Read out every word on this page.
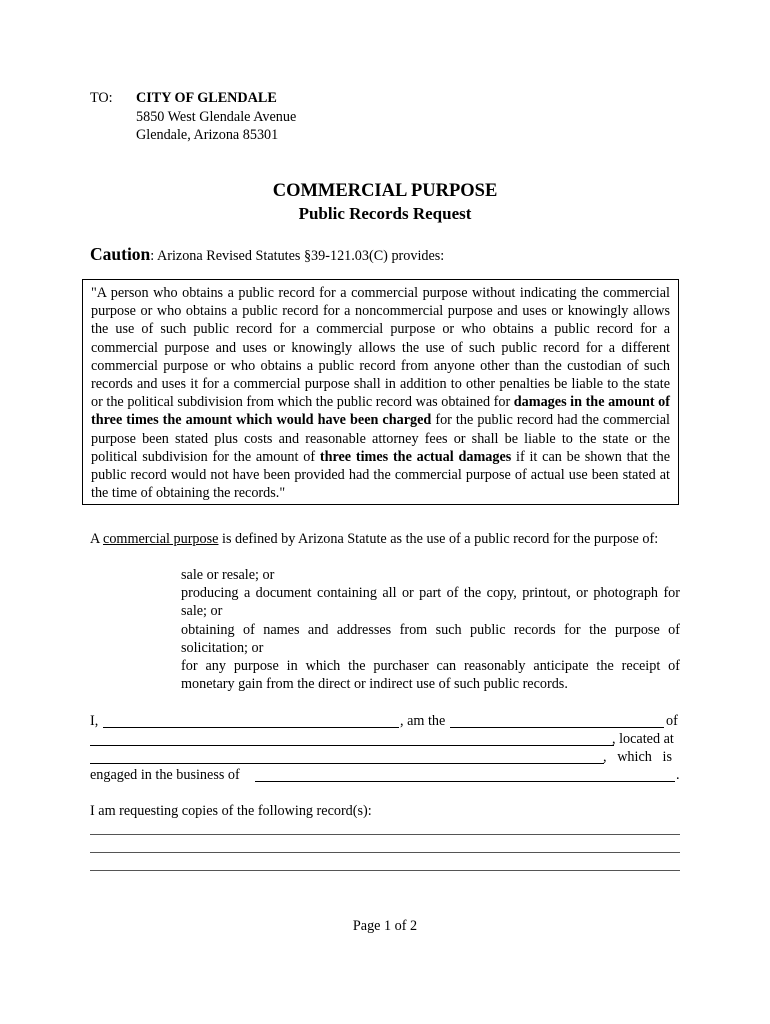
TO: CITY OF GLENDALE
5850 West Glendale Avenue
Glendale, Arizona 85301
COMMERCIAL PURPOSE
Public Records Request
Caution: Arizona Revised Statutes §39-121.03(C) provides:
"A person who obtains a public record for a commercial purpose without indicating the commercial purpose or who obtains a public record for a noncommercial purpose and uses or knowingly allows the use of such public record for a commercial purpose or who obtains a public record for a commercial purpose and uses or knowingly allows the use of such public record for a different commercial purpose or who obtains a public record from anyone other than the custodian of such records and uses it for a commercial purpose shall in addition to other penalties be liable to the state or the political subdivision from which the public record was obtained for damages in the amount of three times the amount which would have been charged for the public record had the commercial purpose been stated plus costs and reasonable attorney fees or shall be liable to the state or the political subdivision for the amount of three times the actual damages if it can be shown that the public record would not have been provided had the commercial purpose of actual use been stated at the time of obtaining the records."
A commercial purpose is defined by Arizona Statute as the use of a public record for the purpose of:
sale or resale; or
producing a document containing all or part of the copy, printout, or photograph for sale; or
obtaining of names and addresses from such public records for the purpose of solicitation; or
for any purpose in which the purchaser can reasonably anticipate the receipt of monetary gain from the direct or indirect use of such public records.
I,	, am the	of
, located at
,   which   is
engaged in the business of	.
I am requesting copies of the following record(s):
Page 1 of 2
